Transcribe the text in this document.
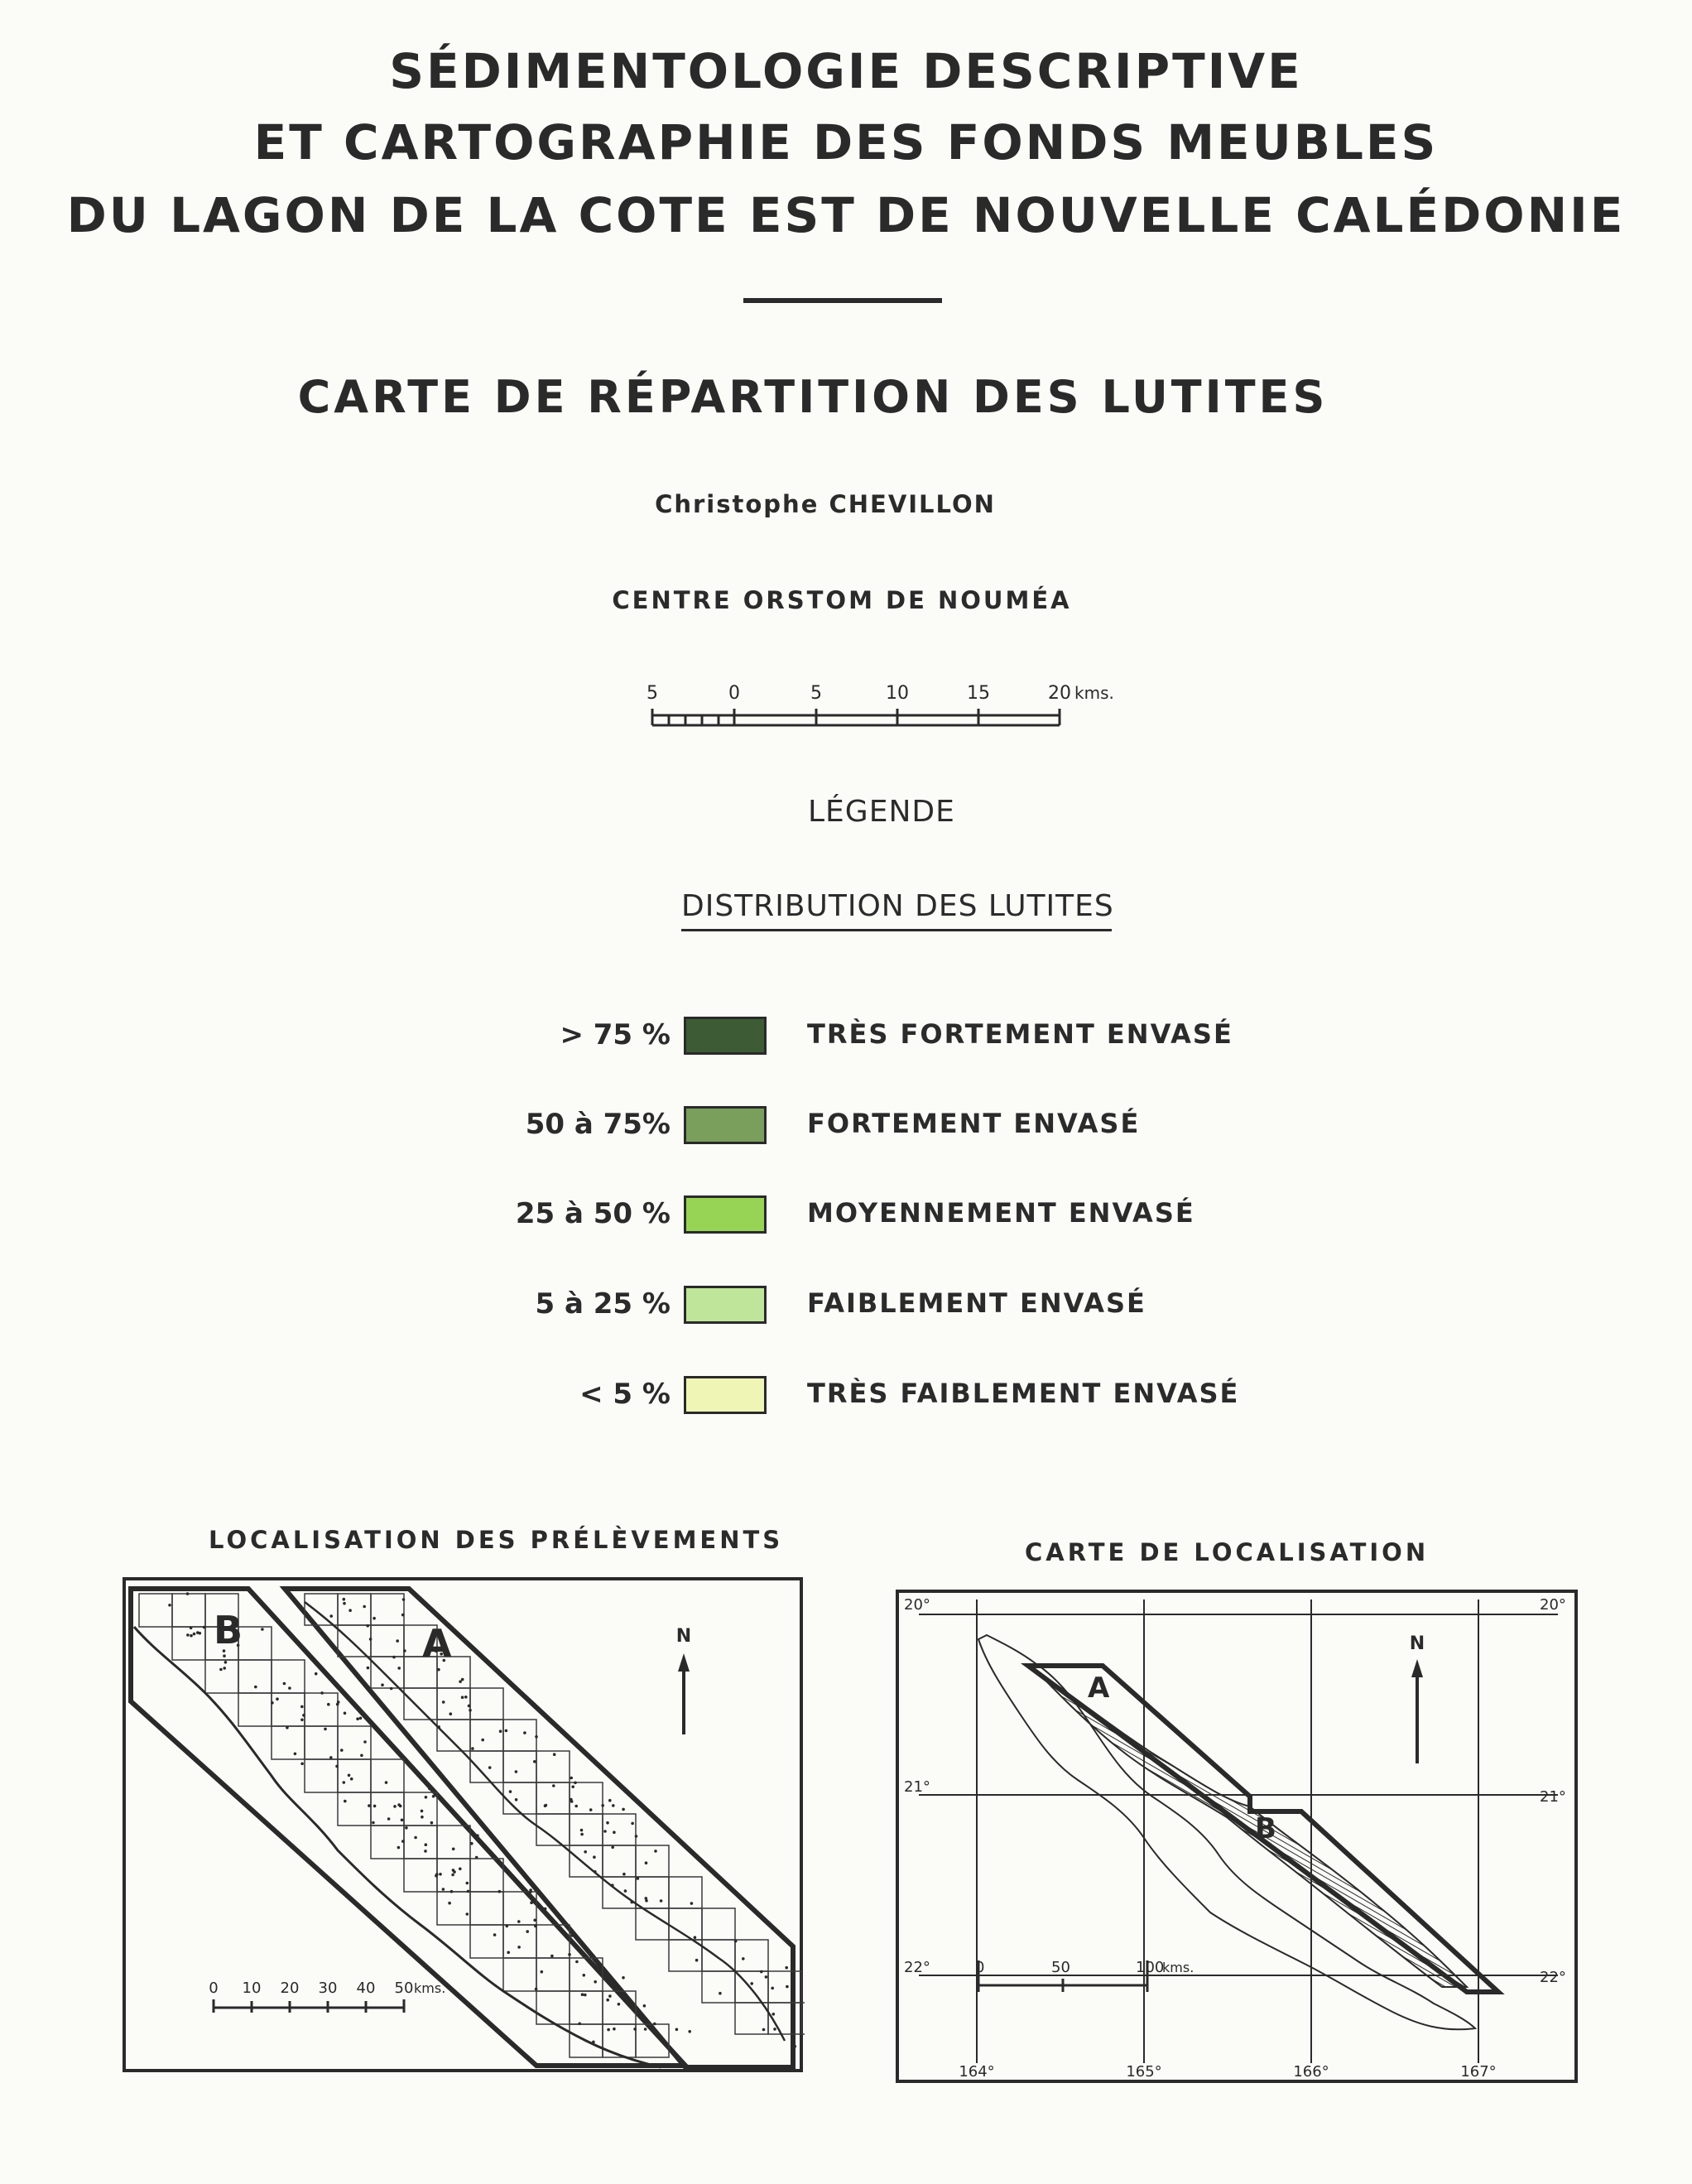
SÉDIMENTOLOGIE DESCRIPTIVE
ET CARTOGRAPHIE DES FONDS MEUBLES
DU LAGON DE LA COTE EST DE NOUVELLE CALÉDONIE
CARTE DE RÉPARTITION DES LUTITES
Christophe CHEVILLON
CENTRE ORSTOM DE NOUMÉA
5	0	5	10	15	20 kms.
LÉGENDE
DISTRIBUTION DES LUTITES
> 75 %	TRÈS FORTEMENT ENVASÉ
50 à 75%	FORTEMENT ENVASÉ
25 à 50 %	MOYENNEMENT ENVASÉ
5 à 25 %	FAIBLEMENT ENVASÉ
< 5 %	TRÈS FAIBLEMENT ENVASÉ
LOCALISATION DES PRÉLÈVEMENTS	CARTE DE LOCALISATION
B	A	N
0 10 20 30 40 50 kms.
20°
21°
22°
20°
21°
22°
164°	165°	166°	167°
A
B
N
0	50	100
kms.
